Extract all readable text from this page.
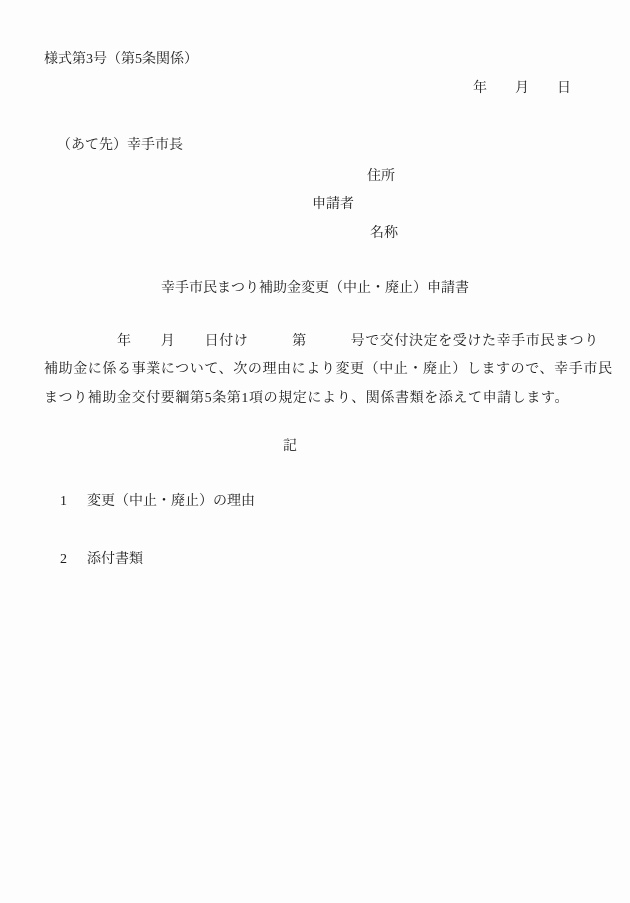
様式第3号（第5条関係）
年　　月　　日
（あて先）幸手市長
住所
申請者
名称
幸手市民まつり補助金変更（中止・廃止）申請書
　　　　　年　　月　　日付け　　　第　　　号で交付決定を受けた幸手市民まつり
補助金に係る事業について、次の理由により変更（中止・廃止）しますので、幸手市民
まつり補助金交付要綱第5条第1項の規定により、関係書類を添えて申請します。
記

1 変更（中止・廃止）の理由

2 添付書類
